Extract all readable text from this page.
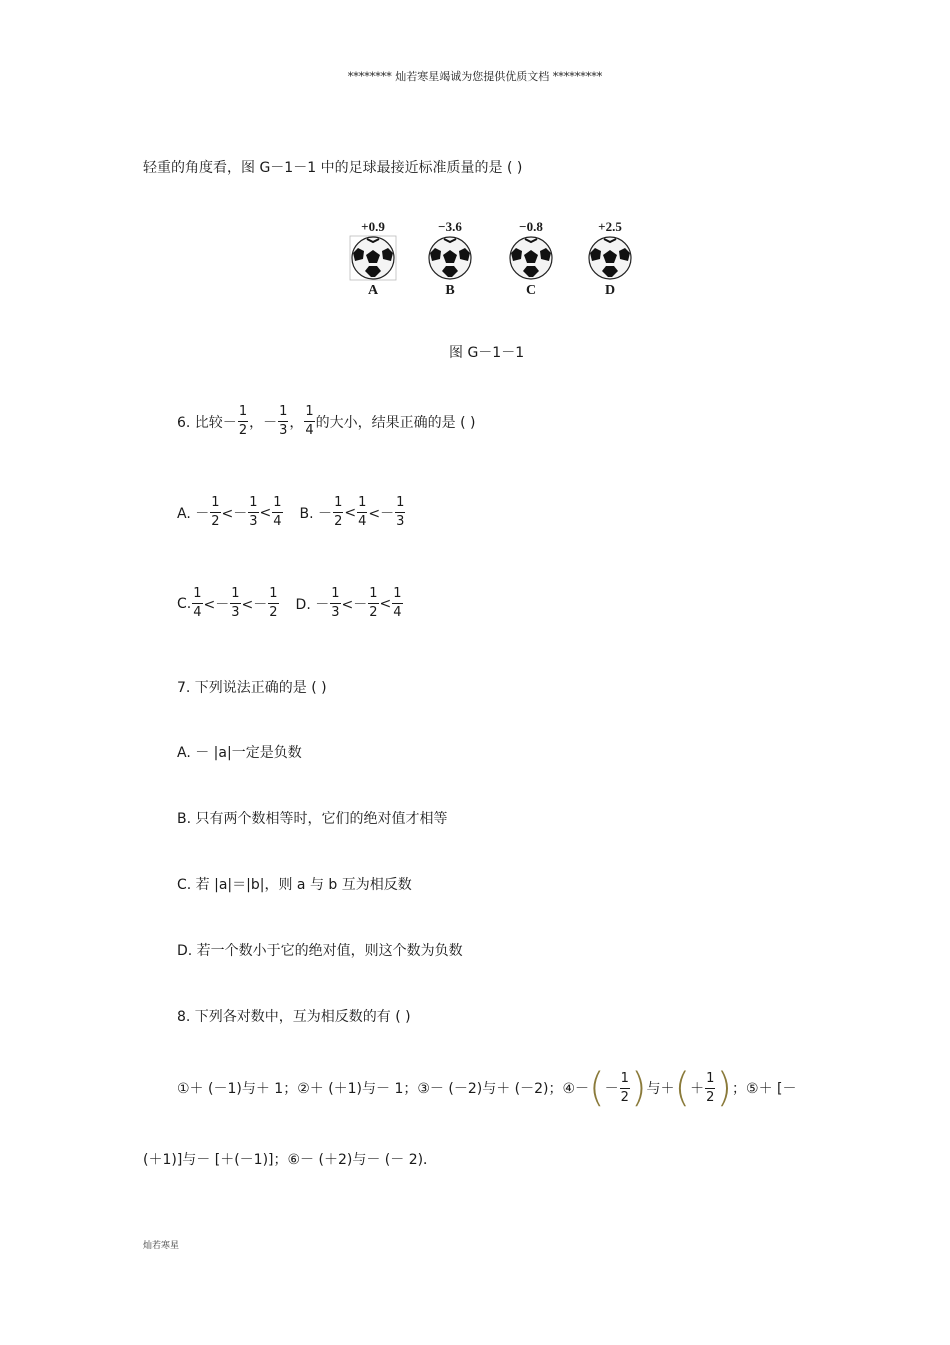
******** 灿若寒星竭诚为您提供优质文档 *********
轻重的角度看，图 G－1－1 中的足球最接近标准质量的是 ( )
+0.9
A
−3.6
B
−0.8
C
+2.5
D
图 G－1－1
6. 比较－ $\frac{1}{2}$ ，－ $\frac{1}{3}$ ， $\frac{1}{4}$ 的大小，结果正确的是 ( )
A. － $\frac{1}{2} <- \frac{1}{3} < \frac{1}{4} B$. － $\frac{1}{2} < \frac{1}{4} <- \frac{1}{3}$
C. $\frac{1}{4} <- \frac{1}{3} <- \frac{1}{2} D$. － $\frac{1}{3} <- \frac{1}{2} < \frac{1}{4}$
7. 下列说法正确的是 ( )
A. － |a|一定是负数
B. 只有两个数相等时，它们的绝对值才相等
C. 若 |a|＝|b|，则 a 与 b 互为相反数
D. 若一个数小于它的绝对值，则这个数为负数
8. 下列各对数中，互为相反数的有 ( )
①＋ (－1)与＋ 1；②＋ (＋1)与－ 1；③－ (－2)与＋ (－2)；④－ ( － $\frac{1}{2}$ ) 与＋ ( ＋ $\frac{1}{2}$ ) ；⑤＋ [－
(＋1)]与－ [＋(－1)]；⑥－ (＋2)与－ (－ 2)．
灿若寒星
